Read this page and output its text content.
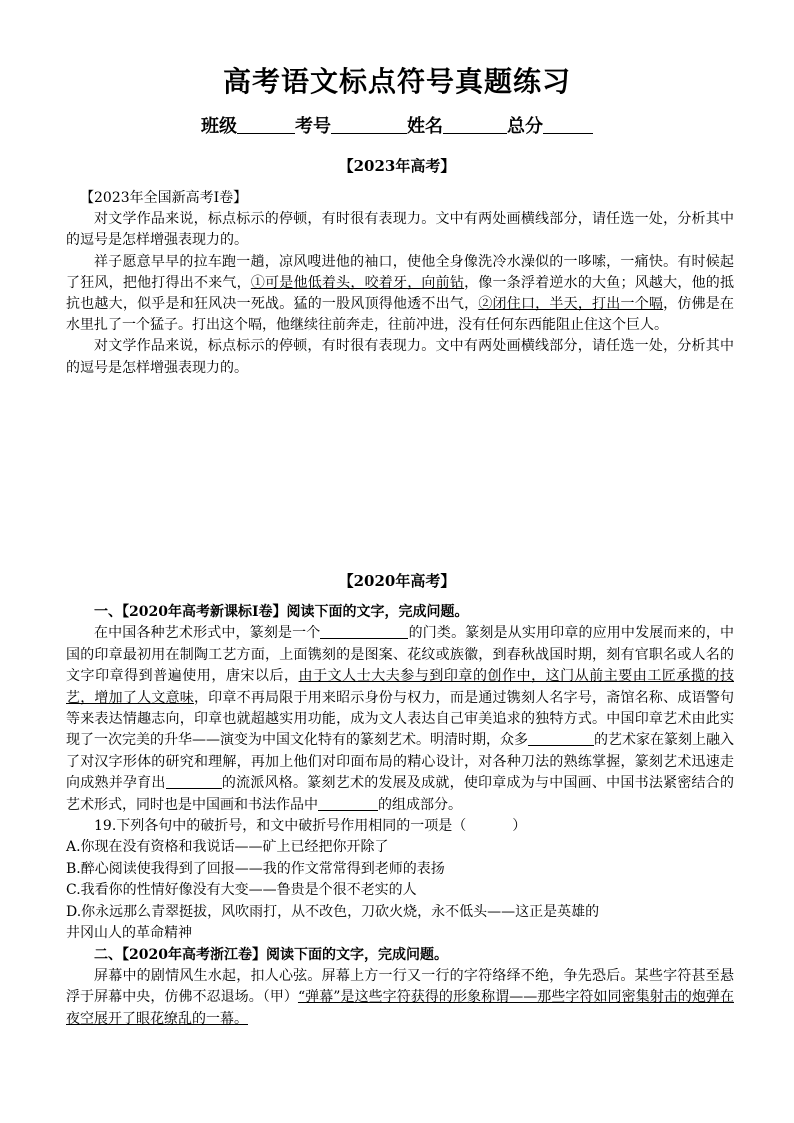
高考语文标点符号真题练习
班级	考号	姓名	总分
【2023年高考】

【2023年全国新高考Ⅰ卷】

对文学作品来说，标点标示的停顿，有时很有表现力。文中有两处画横线部分，请任选一处，分析其中的逗号是怎样增强表现力的。

祥子愿意早早的拉车跑一趟，凉风嗖进他的袖口，使他全身像洗冷水澡似的一哆嗦，一痛快。有时候起了狂风，把他打得出不来气，①可是他低着头，咬着牙，向前钻，像一条浮着逆水的大鱼；风越大，他的抵抗也越大，似乎是和狂风决一死战。猛的一股风顶得他透不出气，②闭住口，半天，打出一个嗝，仿佛是在水里扎了一个猛子。打出这个嗝，他继续往前奔走，往前冲进，没有任何东西能阻止住这个巨人。

对文学作品来说，标点标示的停顿，有时很有表现力。文中有两处画横线部分，请任选一处，分析其中的逗号是怎样增强表现力的。

【2020年高考】

一、【2020年高考新课标Ⅰ卷】阅读下面的文字，完成问题。

在中国各种艺术形式中，篆刻是一个	的门类。篆刻是从实用印章的应用中发展而来的，中国的印章最初用在制陶工艺方面，上面镌刻的是图案、花纹或族徽，到春秋战国时期，刻有官职名或人名的文字印章得到普遍使用，唐宋以后，由于文人士大夫参与到印章的创作中，这门从前主要由工匠承揽的技艺，增加了人文意味，印章不再局限于用来昭示身份与权力，而是通过镌刻人名字号，斋馆名称、成语警句等来表达情趣志向，印章也就超越实用功能，成为文人表达自己审美追求的独特方式。中国印章艺术由此实现了一次完美的升华——演变为中国文化特有的篆刻艺术。明清时期，众多	的艺术家在篆刻上融入了对汉字形体的研究和理解，再加上他们对印面布局的精心设计，对各种刀法的熟练掌握，篆刻艺术迅速走向成熟并孕育出	的流派风格。篆刻艺术的发展及成就，使印章成为与中国画、中国书法紧密结合的艺术形式，同时也是中国画和书法作品中	的组成部分。

19.下列各句中的破折号，和文中破折号作用相同的一项是（	）

A.你现在没有资格和我说话——矿上已经把你开除了

B.醉心阅读使我得到了回报——我的作文常常得到老师的表扬

C.我看你的性情好像没有大变——鲁贵是个很不老实的人

D.你永远那么青翠挺拔，风吹雨打，从不改色，刀砍火烧，永不低头——这正是英雄的

井冈山人的革命精神

二、【2020年高考浙江卷】阅读下面的文字，完成问题。

屏幕中的剧情风生水起，扣人心弦。屏幕上方一行又一行的字符络绎不绝，争先恐后。某些字符甚至悬浮于屏幕中央，仿佛不忍退场。（甲）“弹幕”是这些字符获得的形象称谓——那些字符如同密集射击的炮弹在夜空展开了眼花缭乱的一幕。
